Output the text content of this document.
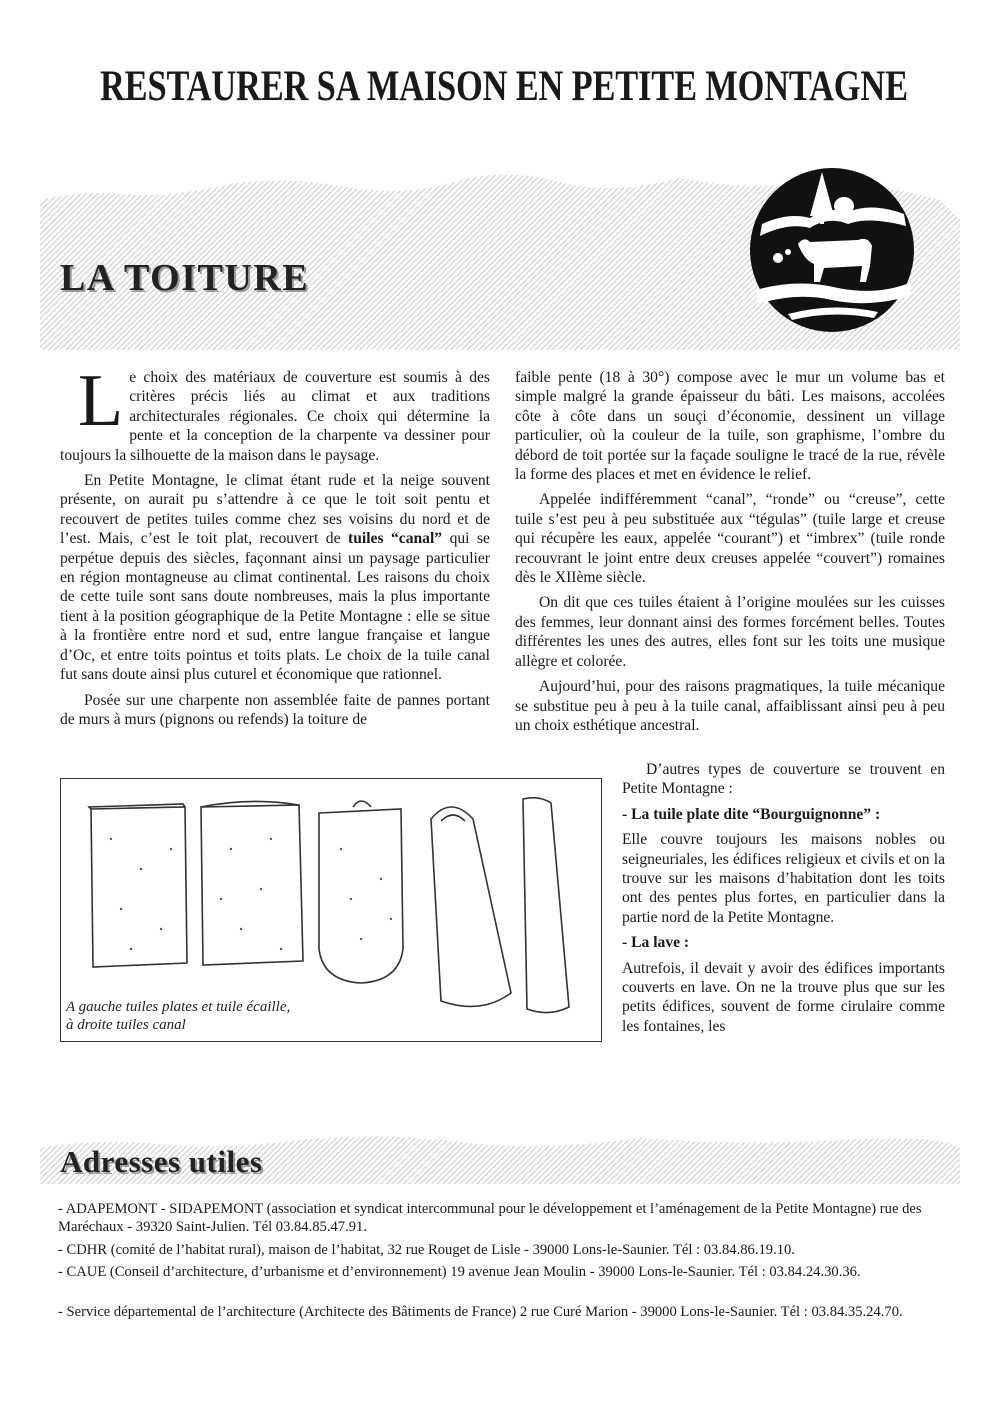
RESTAURER SA MAISON EN PETITE MONTAGNE
LA TOITURE

Le choix des matériaux de couverture est soumis à des critères précis liés au climat et aux traditions architecturales régionales. Ce choix qui détermine la pente et la conception de la charpente va dessiner pour toujours la silhouette de la maison dans le paysage.

En Petite Montagne, le climat étant rude et la neige souvent présente, on aurait pu s’attendre à ce que le toit soit pentu et recouvert de petites tuiles comme chez ses voisins du nord et de l’est. Mais, c’est le toit plat, recouvert de tuiles “canal” qui se perpétue depuis des siècles, façonnant ainsi un paysage particulier en région montagneuse au climat continental. Les raisons du choix de cette tuile sont sans doute nombreuses, mais la plus importante tient à la position géographique de la Petite Montagne : elle se situe à la frontière entre nord et sud, entre langue française et langue d’Oc, et entre toits pointus et toits plats. Le choix de la tuile canal fut sans doute ainsi plus cuturel et économique que rationnel.

Posée sur une charpente non assemblée faite de pannes portant de murs à murs (pignons ou refends) la toiture de

faible pente (18 à 30°) compose avec le mur un volume bas et simple malgré la grande épaisseur du bâti. Les maisons, accolées côte à côte dans un souçi d’économie, dessinent un village particulier, où la couleur de la tuile, son graphisme, l’ombre du débord de toit portée sur la façade souligne le tracé de la rue, révèle la forme des places et met en évidence le relief.

Appelée indifféremment “canal”, “ronde” ou “creuse”, cette tuile s’est peu à peu substituée aux “tégulas” (tuile large et creuse qui récupère les eaux, appelée “courant”) et “imbrex” (tuile ronde recouvrant le joint entre deux creuses appelée “couvert”) romaines dès le XIIème siècle.

On dit que ces tuiles étaient à l’origine moulées sur les cuisses des femmes, leur donnant ainsi des formes forcément belles. Toutes différentes les unes des autres, elles font sur les toits une musique allègre et colorée.

Aujourd’hui, pour des raisons pragmatiques, la tuile mécanique se substitue peu à peu à la tuile canal, affaiblissant ainsi peu à peu un choix esthétique ancestral.

D’autres types de couverture se trouvent en Petite Montagne :

- La tuile plate dite “Bourguignonne” :

Elle couvre toujours les maisons nobles ou seigneuriales, les édifices religieux et civils et on la trouve sur les maisons d’habitation dont les toits ont des pentes plus fortes, en particulier dans la partie nord de la Petite Montagne.

- La lave :

Autrefois, il devait y avoir des édifices importants couverts en lave. On ne la trouve plus que sur les petits édifices, souvent de forme cirulaire comme les fontaines, les

A gauche tuiles plates et tuile écaille,
à droite tuiles canal
Adresses utiles

- ADAPEMONT - SIDAPEMONT (association et syndicat intercommunal pour le développement et l’aménagement de la Petite Montagne) rue des Maréchaux - 39320 Saint-Julien. Tél 03.84.85.47.91.

- CDHR (comité de l’habitat rural), maison de l’habitat, 32 rue Rouget de Lisle - 39000 Lons-le-Saunier. Tél : 03.84.86.19.10.

- CAUE (Conseil d’architecture, d’urbanisme et d’environnement) 19 avenue Jean Moulin - 39000 Lons-le-Saunier. Tél : 03.84.24.30.36.

- Service départemental de l’architecture (Architecte des Bâtiments de France) 2 rue Curé Marion - 39000 Lons-le-Saunier. Tél : 03.84.35.24.70.
